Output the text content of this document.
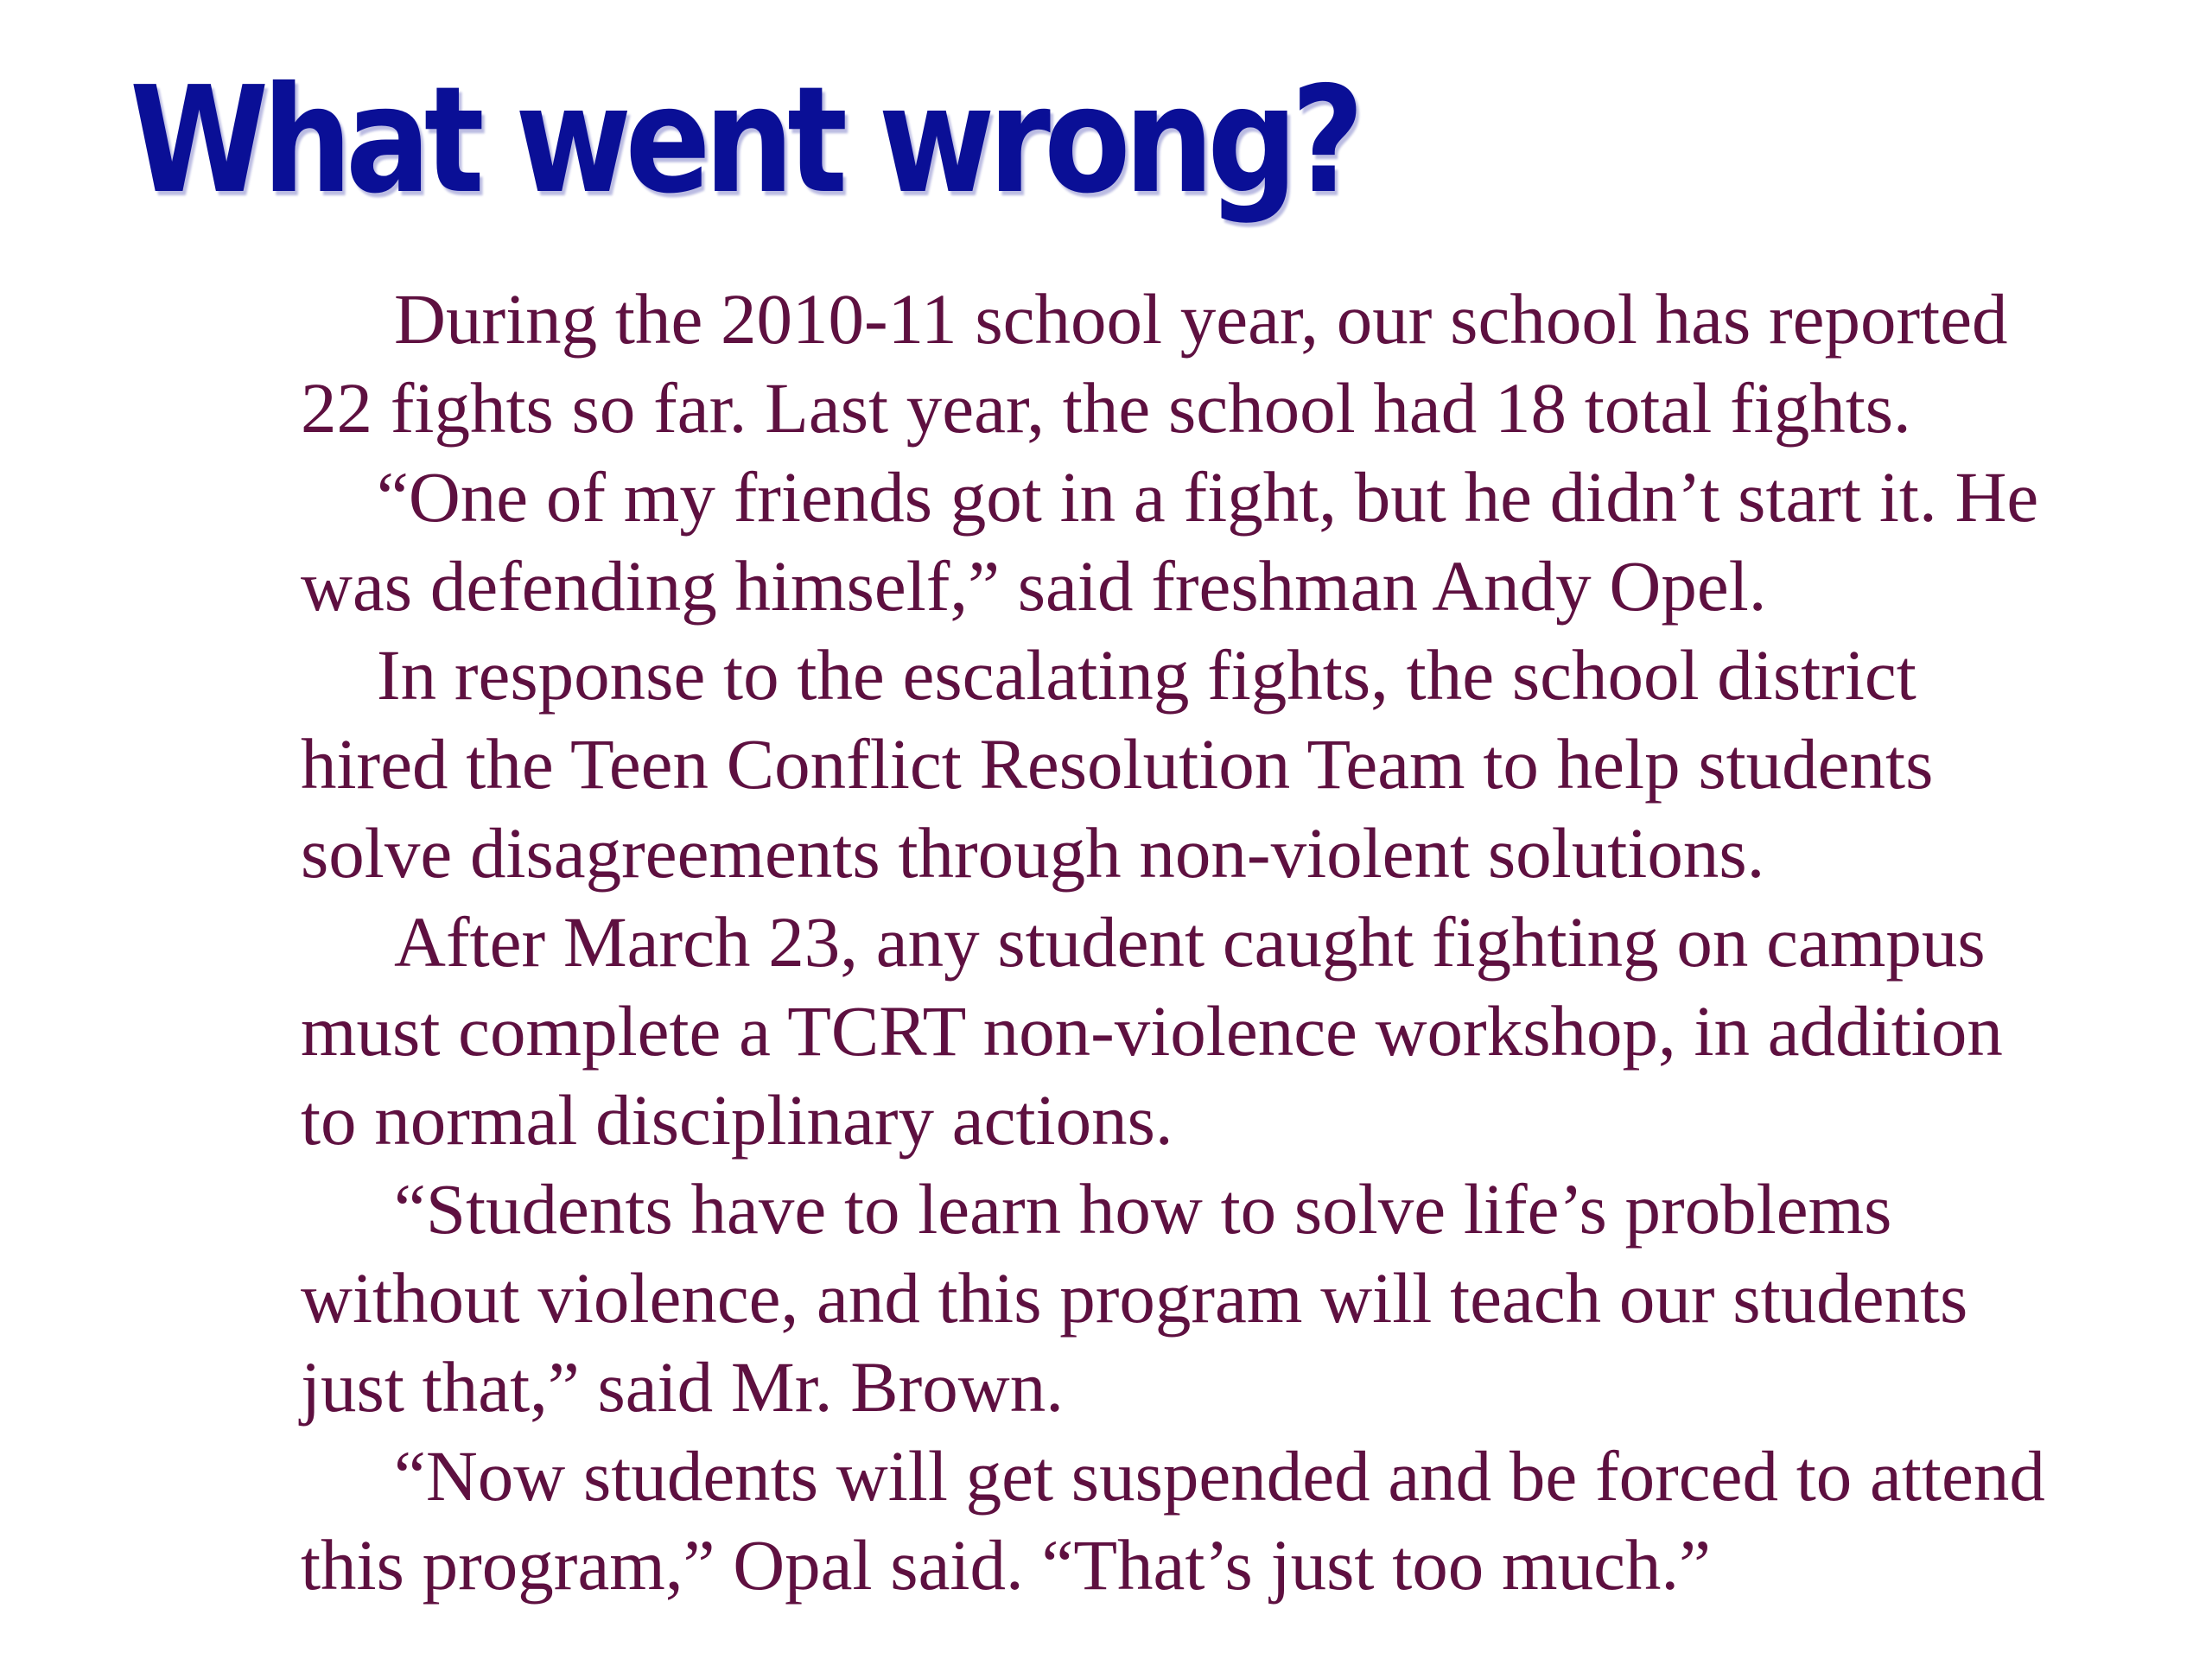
What went wrong?
During the 2010-11 school year, our school has reported
22 fights so far. Last year, the school had 18 total fights.
“One of my friends got in a fight, but he didn’t start it. He
was defending himself,” said freshman Andy Opel.
In response to the escalating fights, the school district
hired the Teen Conflict Resolution Team to help students
solve disagreements through non-violent solutions.
After March 23, any student caught fighting on campus
must complete a TCRT non-violence workshop, in addition
to normal disciplinary actions.
“Students have to learn how to solve life’s problems
without violence, and this program will teach our students
just that,” said Mr. Brown.
“Now students will get suspended and be forced to attend
this program,” Opal said. “That’s just too much.”
